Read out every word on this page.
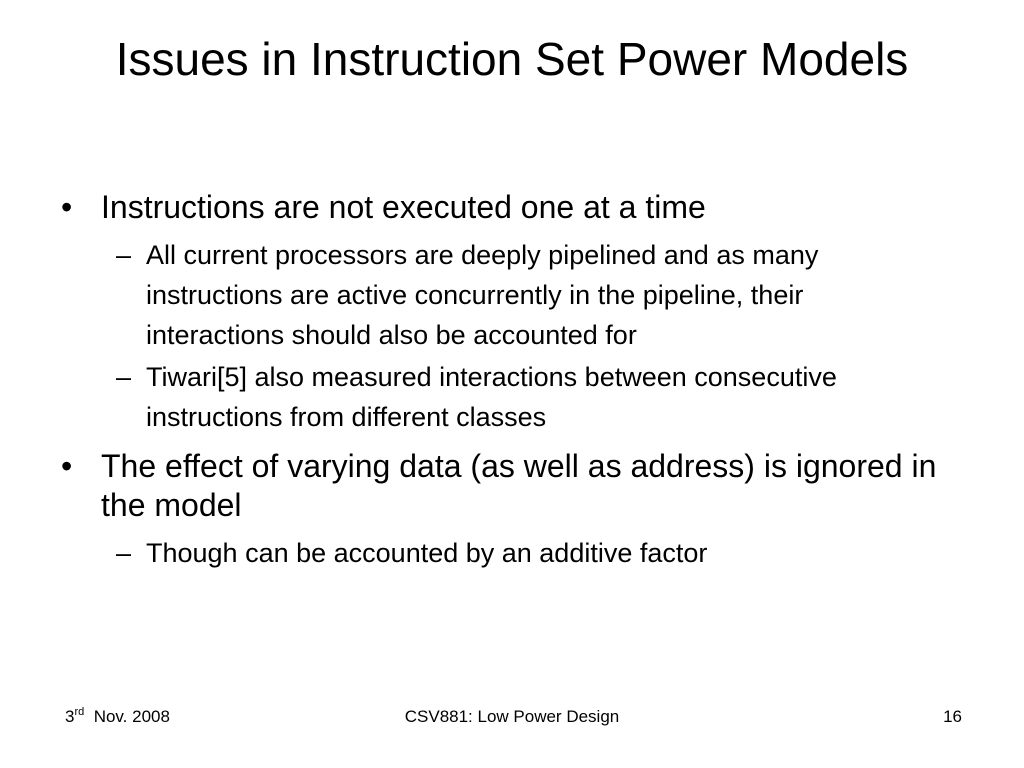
Issues in Instruction Set Power Models
• Instructions are not executed one at a time
– All current processors are deeply pipelined and as many instructions are active concurrently in the pipeline, their interactions should also be accounted for
– Tiwari[5] also measured interactions between consecutive instructions from different classes
• The effect of varying data (as well as address) is ignored in the model
– Though can be accounted by an additive factor
3rd Nov. 2008	CSV881: Low Power Design	16
